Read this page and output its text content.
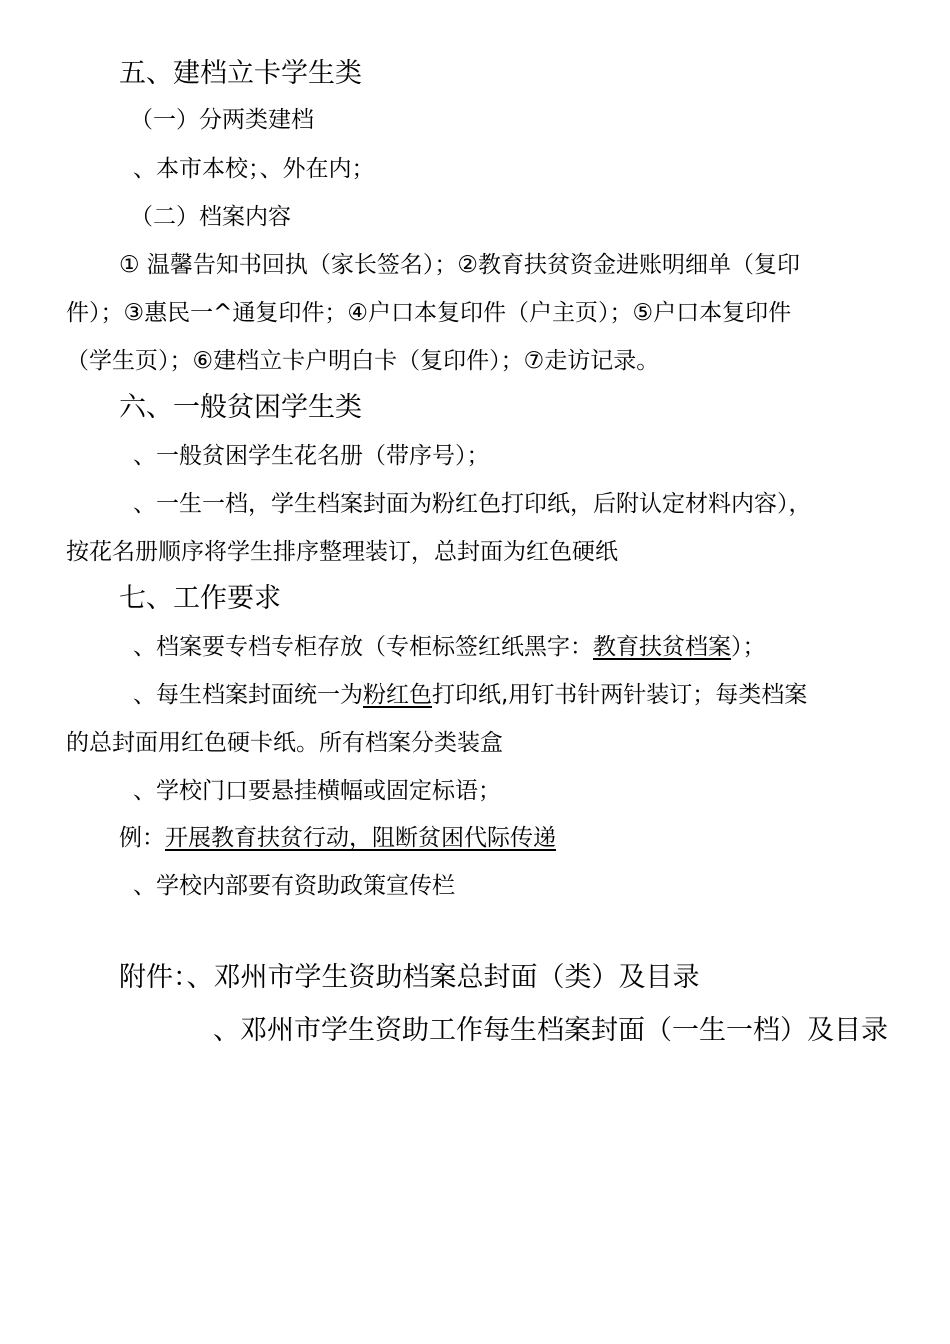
五、建档立卡学生类
（一）分两类建档
、本市本校；、外在内；
（二）档案内容
① 温馨告知书回执（家长签名）；②教育扶贫资金进账明细单（复印
件）；③惠民一^通复印件；④户口本复印件（户主页）；⑤户口本复印件
（学生页）；⑥建档立卡户明白卡（复印件）；⑦走访记录。
六、一般贫困学生类
、一般贫困学生花名册（带序号）；
、一生一档，学生档案封面为粉红色打印纸，后附认定材料内容），
按花名册顺序将学生排序整理装订，总封面为红色硬纸
七、工作要求
、档案要专档专柜存放（专柜标签红纸黑字：教育扶贫档案）；
、每生档案封面统一为粉红色打印纸,用钉书针两针装订；每类档案
的总封面用红色硬卡纸。所有档案分类装盒
、学校门口要悬挂横幅或固定标语；
例：开展教育扶贫行动，阻断贫困代际传递
、学校内部要有资助政策宣传栏
附件：、邓州市学生资助档案总封面（类）及目录
、邓州市学生资助工作每生档案封面（一生一档）及目录
